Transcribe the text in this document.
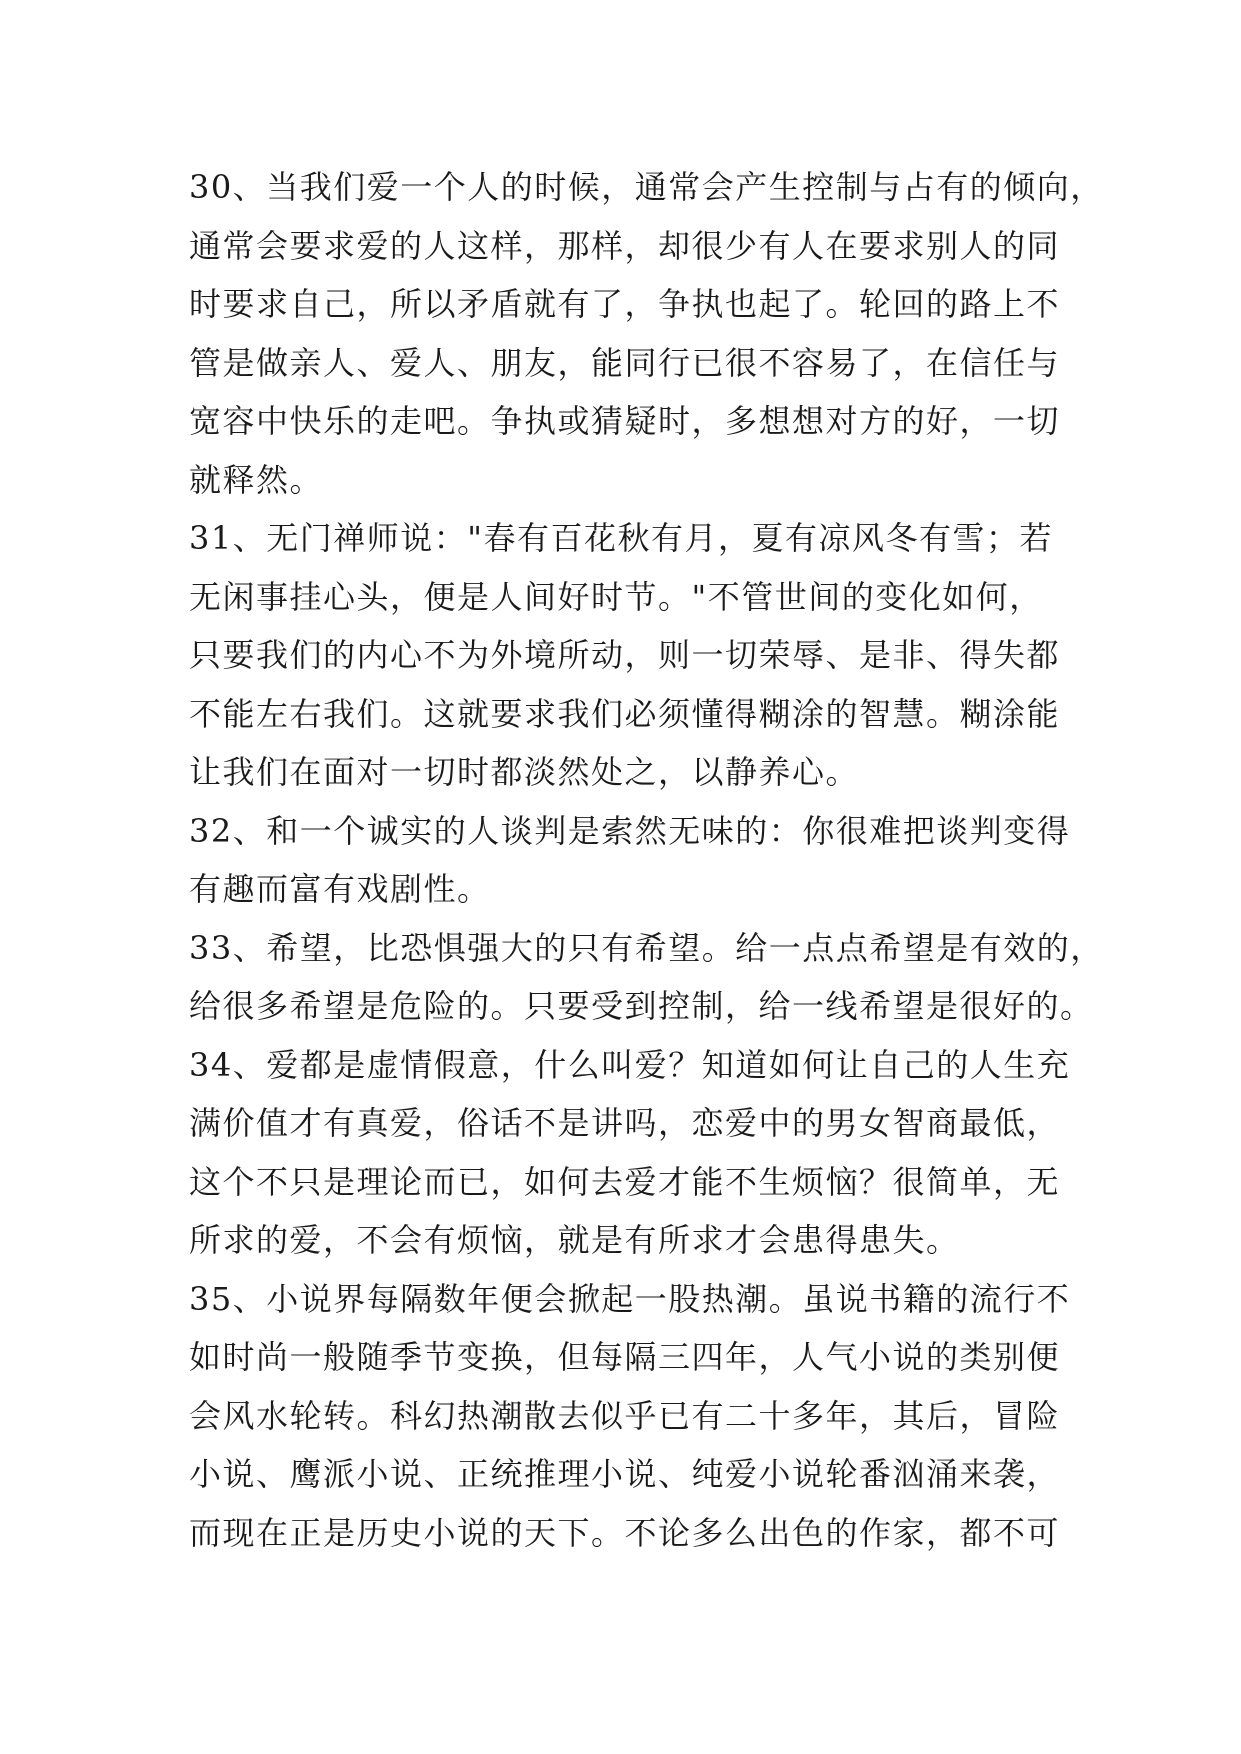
30、当我们爱一个人的时候，通常会产生控制与占有的倾向，
通常会要求爱的人这样，那样，却很少有人在要求别人的同
时要求自己，所以矛盾就有了，争执也起了。轮回的路上不
管是做亲人、爱人、朋友，能同行已很不容易了，在信任与
宽容中快乐的走吧。争执或猜疑时，多想想对方的好，一切
就释然。
31、无门禅师说："春有百花秋有月，夏有凉风冬有雪；若
无闲事挂心头，便是人间好时节。"不管世间的变化如何，
只要我们的内心不为外境所动，则一切荣辱、是非、得失都
不能左右我们。这就要求我们必须懂得糊涂的智慧。糊涂能
让我们在面对一切时都淡然处之，以静养心。
32、和一个诚实的人谈判是索然无味的：你很难把谈判变得
有趣而富有戏剧性。
33、希望，比恐惧强大的只有希望。给一点点希望是有效的，
给很多希望是危险的。只要受到控制，给一线希望是很好的。
34、爱都是虚情假意，什么叫爱？知道如何让自己的人生充
满价值才有真爱，俗话不是讲吗，恋爱中的男女智商最低，
这个不只是理论而已，如何去爱才能不生烦恼？很简单，无
所求的爱，不会有烦恼，就是有所求才会患得患失。
35、小说界每隔数年便会掀起一股热潮。虽说书籍的流行不
如时尚一般随季节变换，但每隔三四年，人气小说的类别便
会风水轮转。科幻热潮散去似乎已有二十多年，其后，冒险
小说、鹰派小说、正统推理小说、纯爱小说轮番汹涌来袭，
而现在正是历史小说的天下。不论多么出色的作家，都不可
